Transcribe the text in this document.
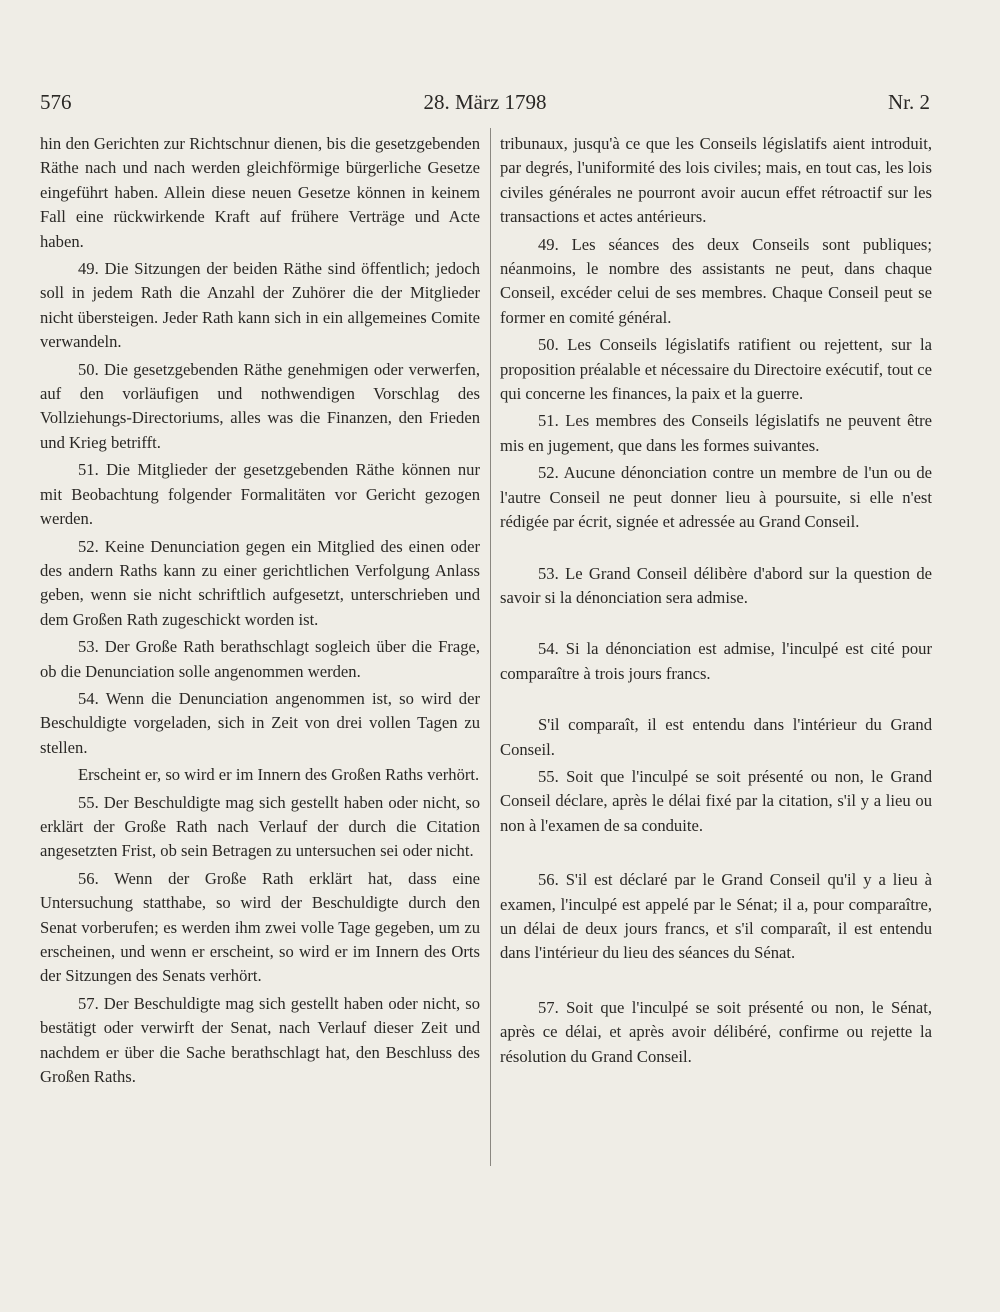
576	28. März 1798	Nr. 2

hin den Gerichten zur Richtschnur dienen, bis die gesetzgebenden Räthe nach und nach werden gleichförmige bürgerliche Gesetze eingeführt haben. Allein diese neuen Gesetze können in keinem Fall eine rückwirkende Kraft auf frühere Verträge und Acte haben.

49. Die Sitzungen der beiden Räthe sind öffentlich; jedoch soll in jedem Rath die Anzahl der Zuhörer die der Mitglieder nicht übersteigen. Jeder Rath kann sich in ein allgemeines Comite verwandeln.

50. Die gesetzgebenden Räthe genehmigen oder verwerfen, auf den vorläufigen und nothwendigen Vorschlag des Vollziehungs-Directoriums, alles was die Finanzen, den Frieden und Krieg betrifft.

51. Die Mitglieder der gesetzgebenden Räthe können nur mit Beobachtung folgender Formalitäten vor Gericht gezogen werden.

52. Keine Denunciation gegen ein Mitglied des einen oder des andern Raths kann zu einer gerichtlichen Verfolgung Anlass geben, wenn sie nicht schriftlich aufgesetzt, unterschrieben und dem Großen Rath zugeschickt worden ist.

53. Der Große Rath berathschlagt sogleich über die Frage, ob die Denunciation solle angenommen werden.

54. Wenn die Denunciation angenommen ist, so wird der Beschuldigte vorgeladen, sich in Zeit von drei vollen Tagen zu stellen.

Erscheint er, so wird er im Innern des Großen Raths verhört.

55. Der Beschuldigte mag sich gestellt haben oder nicht, so erklärt der Große Rath nach Verlauf der durch die Citation angesetzten Frist, ob sein Betragen zu untersuchen sei oder nicht.

56. Wenn der Große Rath erklärt hat, dass eine Untersuchung statthabe, so wird der Beschuldigte durch den Senat vorberufen; es werden ihm zwei volle Tage gegeben, um zu erscheinen, und wenn er erscheint, so wird er im Innern des Orts der Sitzungen des Senats verhört.

57. Der Beschuldigte mag sich gestellt haben oder nicht, so bestätigt oder verwirft der Senat, nach Verlauf dieser Zeit und nachdem er über die Sache berathschlagt hat, den Beschluss des Großen Raths.

tribunaux, jusqu'à ce que les Conseils législatifs aient introduit, par degrés, l'uniformité des lois civiles; mais, en tout cas, les lois civiles générales ne pourront avoir aucun effet rétroactif sur les transactions et actes antérieurs.

49. Les séances des deux Conseils sont publiques; néanmoins, le nombre des assistants ne peut, dans chaque Conseil, excéder celui de ses membres. Chaque Conseil peut se former en comité général.

50. Les Conseils législatifs ratifient ou rejettent, sur la proposition préalable et nécessaire du Directoire exécutif, tout ce qui concerne les finances, la paix et la guerre.

51. Les membres des Conseils législatifs ne peuvent être mis en jugement, que dans les formes suivantes.

52. Aucune dénonciation contre un membre de l'un ou de l'autre Conseil ne peut donner lieu à poursuite, si elle n'est rédigée par écrit, signée et adressée au Grand Conseil.

53. Le Grand Conseil délibère d'abord sur la question de savoir si la dénonciation sera admise.

54. Si la dénonciation est admise, l'inculpé est cité pour comparaître à trois jours francs.

S'il comparaît, il est entendu dans l'intérieur du Grand Conseil.

55. Soit que l'inculpé se soit présenté ou non, le Grand Conseil déclare, après le délai fixé par la citation, s'il y a lieu ou non à l'examen de sa conduite.

56. S'il est déclaré par le Grand Conseil qu'il y a lieu à examen, l'inculpé est appelé par le Sénat; il a, pour comparaître, un délai de deux jours francs, et s'il comparaît, il est entendu dans l'intérieur du lieu des séances du Sénat.

57. Soit que l'inculpé se soit présenté ou non, le Sénat, après ce délai, et après avoir délibéré, confirme ou rejette la résolution du Grand Conseil.
